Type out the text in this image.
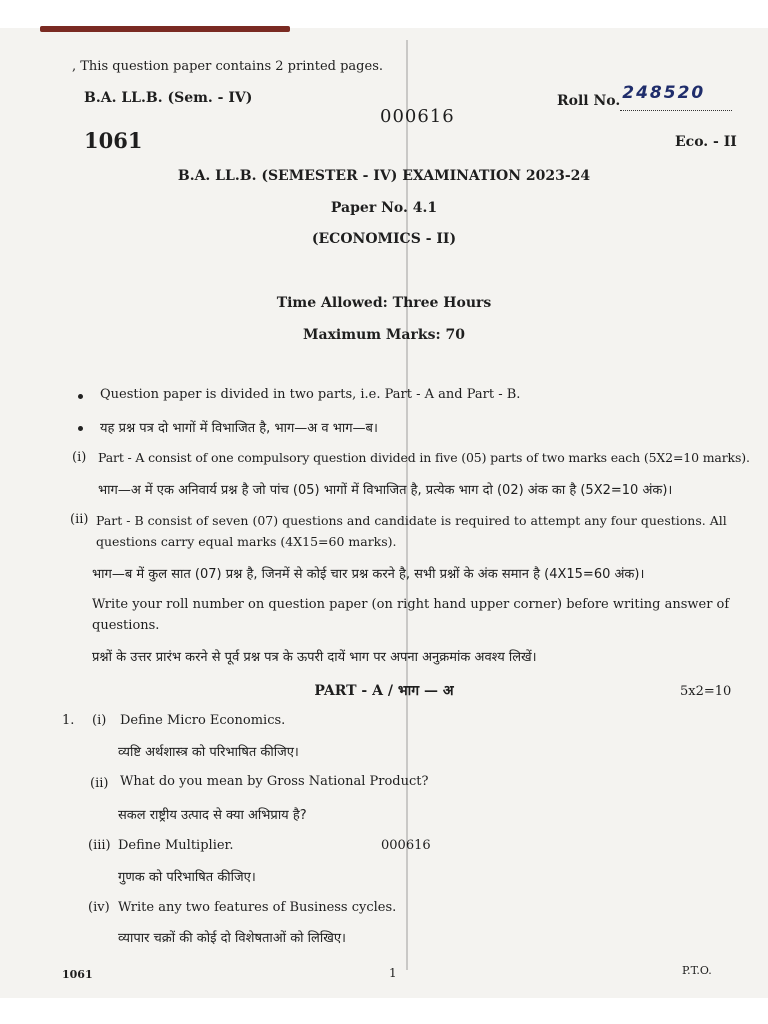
, This question paper contains 2 printed pages.
B.A. LL.B. (Sem. - IV)	Roll No. 248520
000616
1061	Eco. - II
B.A. LL.B. (SEMESTER - IV) EXAMINATION 2023-24
Paper No. 4.1
(ECONOMICS - II)
Time Allowed: Three Hours
Maximum Marks: 70
Question paper is divided in two parts, i.e. Part - A and Part - B.
यह प्रश्न पत्र दो भागों में विभाजित है, भाग—अ व भाग—ब।
(i) Part - A consist of one compulsory question divided in five (05) parts of two marks each (5X2=10 marks).
भाग—अ में एक अनिवार्य प्रश्न है जो पांच (05) भागों में विभाजित है, प्रत्येक भाग दो (02) अंक का है (5X2=10 अंक)।
(ii) Part - B consist of seven (07) questions and candidate is required to attempt any four questions. All questions carry equal marks (4X15=60 marks).
भाग—ब में कुल सात (07) प्रश्न है, जिनमें से कोई चार प्रश्न करने है, सभी प्रश्नों के अंक समान है (4X15=60 अंक)।
Write your roll number on question paper (on right hand upper corner) before writing answer of questions.
प्रश्नों के उत्तर प्रारंभ करने से पूर्व प्रश्न पत्र के ऊपरी दायें भाग पर अपना अनुक्रमांक अवश्य लिखें।
PART - A / भाग — अ	5x2=10
1. (i) Define Micro Economics.
व्यष्टि अर्थशास्त्र को परिभाषित कीजिए।
(ii) What do you mean by Gross National Product?
सकल राष्ट्रीय उत्पाद से क्या अभिप्राय है?
(iii) Define Multiplier.	000616
गुणक को परिभाषित कीजिए।
(iv) Write any two features of Business cycles.
व्यापार चक्रों की कोई दो विशेषताओं को लिखिए।
1061	1	P.T.O.
